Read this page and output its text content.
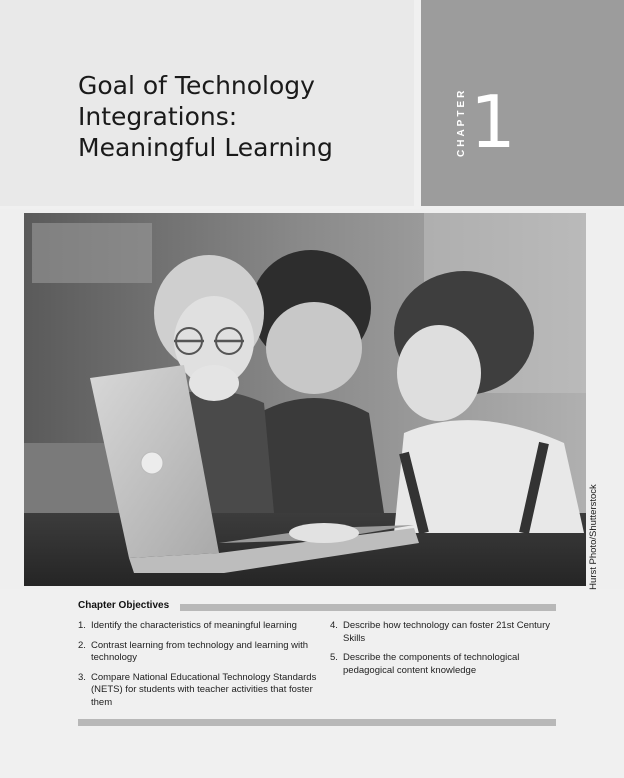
Goal of Technology
Integrations:
Meaningful Learning	CHAPTER 1
Hurst Photo/Shutterstock
Chapter Objectives
1. Identify the characteristics of meaningful learning
2. Contrast learning from technology and learning with technology
3. Compare National Educational Technology Standards (NETS) for students with teacher activities that foster them
4. Describe how technology can foster 21st Century Skills
5. Describe the components of technological pedagogical content knowledge
